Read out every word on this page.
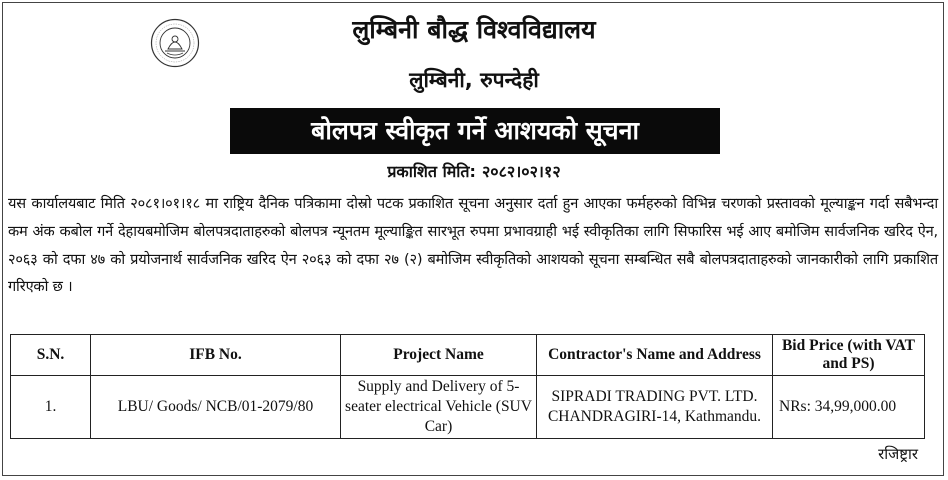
लुम्बिनी बौद्ध विश्वविद्यालय
लुम्बिनी, रुपन्देही
बोलपत्र स्वीकृत गर्ने आशयको सूचना
प्रकाशित मिति: २०८२।०२।१२
यस कार्यालयबाट मिति २०८१।०१।१८ मा राष्ट्रिय दैनिक पत्रिकामा दोस्रो पटक प्रकाशित सूचना अनुसार दर्ता हुन आएका फर्महरुको विभिन्न चरणको प्रस्तावको मूल्याङ्कन गर्दा सबैभन्दा कम अंक कबोल गर्ने देहायबमोजिम बोलपत्रदाताहरुको बोलपत्र न्यूनतम मूल्याङ्कित सारभूत रुपमा प्रभावग्राही भई स्वीकृतिका लागि सिफारिस भई आए बमोजिम सार्वजनिक खरिद ऐन, २०६३ को दफा ४७ को प्रयोजनार्थ सार्वजनिक खरिद ऐन २०६३ को दफा २७ (२) बमोजिम स्वीकृतिको आशयको सूचना सम्बन्धित सबै बोलपत्रदाताहरुको जानकारीको लागि प्रकाशित गरिएको छ ।
S.N.	IFB No.	Project Name	Contractor's Name and Address	Bid Price (with VAT and PS)
1.	LBU/ Goods/ NCB/01-2079/80	Supply and Delivery of 5-seater electrical Vehicle (SUV Car)	SIPRADI TRADING PVT. LTD. CHANDRAGIRI-14, Kathmandu.	NRs: 34,99,000.00
रजिष्ट्रार
